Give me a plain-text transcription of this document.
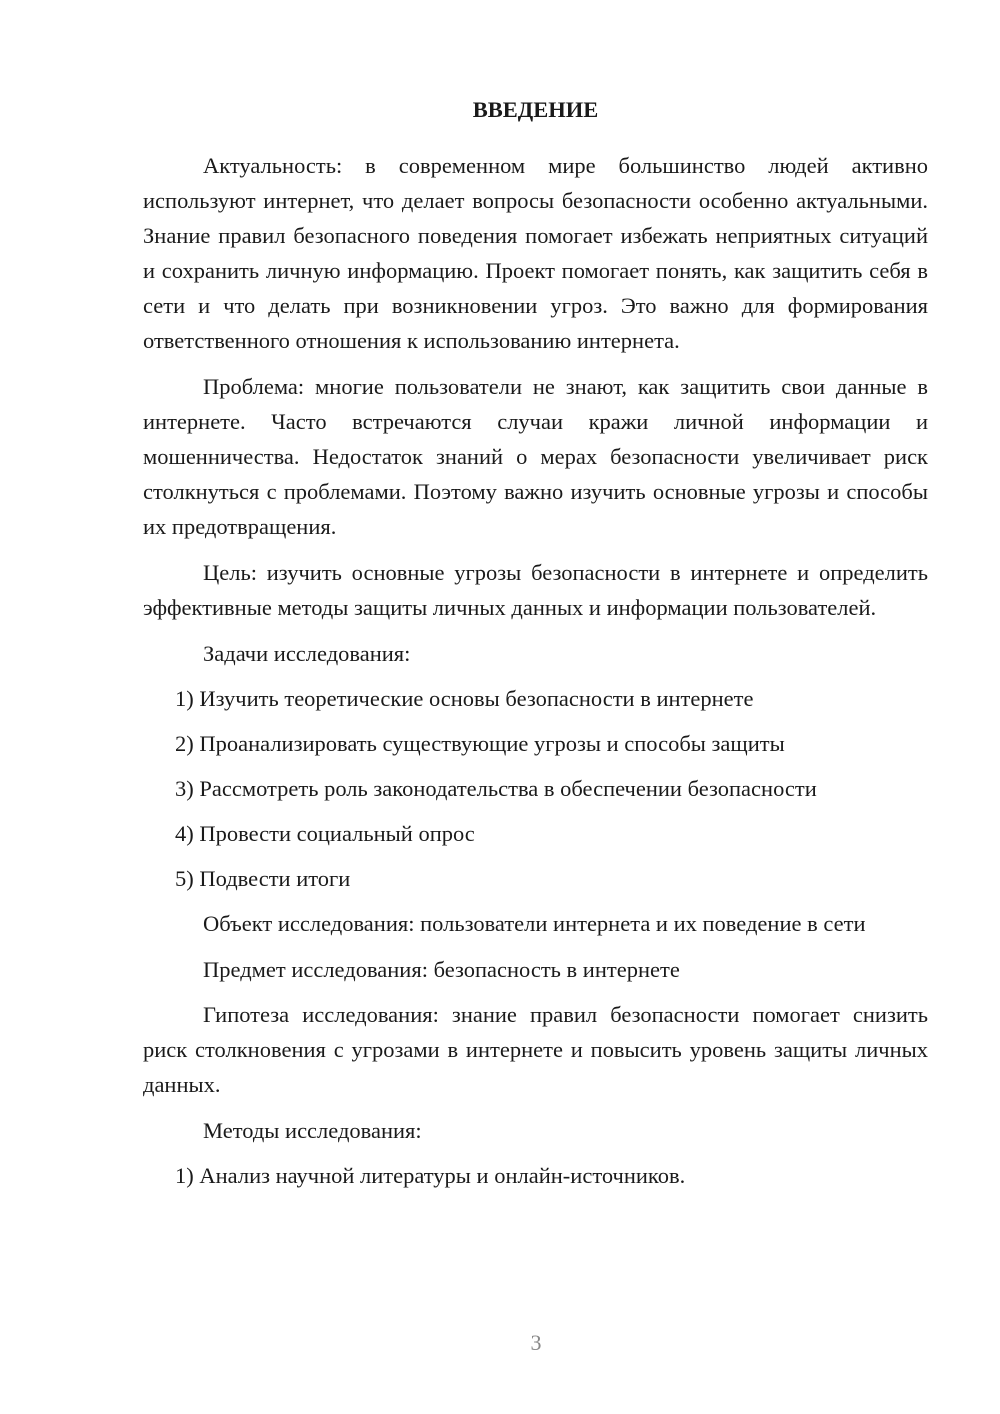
ВВЕДЕНИЕ

Актуальность: в современном мире большинство людей активно используют интернет, что делает вопросы безопасности особенно актуальными. Знание правил безопасного поведения помогает избежать неприятных ситуаций и сохранить личную информацию. Проект помогает понять, как защитить себя в сети и что делать при возникновении угроз. Это важно для формирования ответственного отношения к использованию интернета.

Проблема: многие пользователи не знают, как защитить свои данные в интернете. Часто встречаются случаи кражи личной информации и мошенничества. Недостаток знаний о мерах безопасности увеличивает риск столкнуться с проблемами. Поэтому важно изучить основные угрозы и способы их предотвращения.

Цель: изучить основные угрозы безопасности в интернете и определить эффективные методы защиты личных данных и информации пользователей.

Задачи исследования:

1) Изучить теоретические основы безопасности в интернете

2) Проанализировать существующие угрозы и способы защиты

3) Рассмотреть роль законодательства в обеспечении безопасности

4) Провести социальный опрос

5) Подвести итоги

Объект исследования: пользователи интернета и их поведение в сети

Предмет исследования: безопасность в интернете

Гипотеза исследования: знание правил безопасности помогает снизить риск столкновения с угрозами в интернете и повысить уровень защиты личных данных.

Методы исследования:

1) Анализ научной литературы и онлайн-источников.

3
